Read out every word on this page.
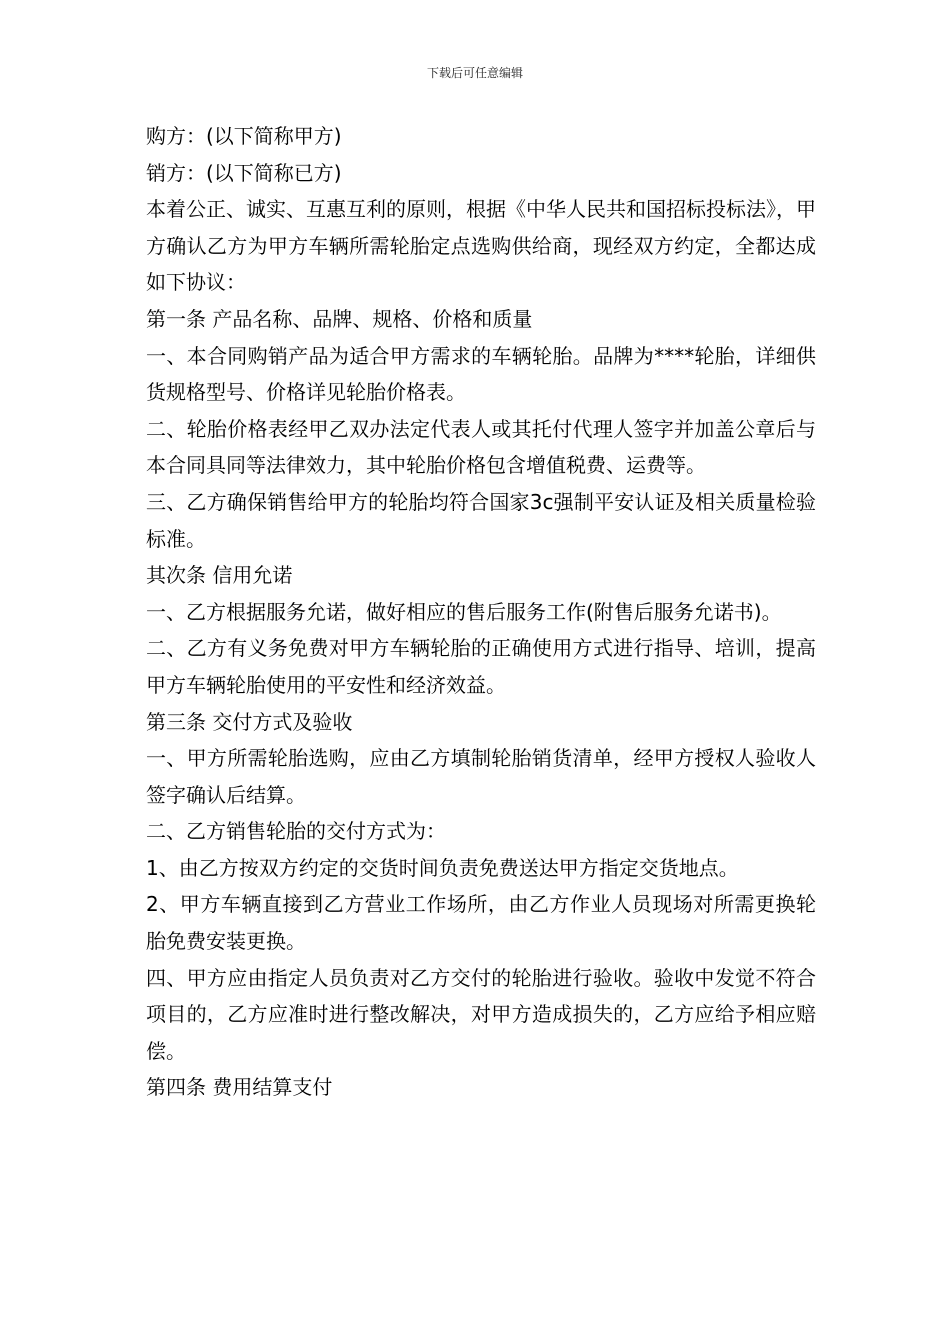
下载后可任意编辑

购方：(以下简称甲方)

销方：(以下简称已方)

本着公正、诚实、互惠互利的原则，根据《中华人民共和国招标投标法》，甲方确认乙方为甲方车辆所需轮胎定点选购供给商，现经双方约定，全都达成如下协议：

第一条 产品名称、品牌、规格、价格和质量

一、本合同购销产品为适合甲方需求的车辆轮胎。品牌为****轮胎，详细供货规格型号、价格详见轮胎价格表。

二、轮胎价格表经甲乙双办法定代表人或其托付代理人签字并加盖公章后与本合同具同等法律效力，其中轮胎价格包含增值税费、运费等。

三、乙方确保销售给甲方的轮胎均符合国家3c强制平安认证及相关质量检验标准。

其次条 信用允诺

一、乙方根据服务允诺，做好相应的售后服务工作(附售后服务允诺书)。

二、乙方有义务免费对甲方车辆轮胎的正确使用方式进行指导、培训，提高甲方车辆轮胎使用的平安性和经济效益。

第三条 交付方式及验收

一、甲方所需轮胎选购，应由乙方填制轮胎销货清单，经甲方授权人验收人签字确认后结算。

二、乙方销售轮胎的交付方式为：

1、由乙方按双方约定的交货时间负责免费送达甲方指定交货地点。

2、甲方车辆直接到乙方营业工作场所，由乙方作业人员现场对所需更换轮胎免费安装更换。

四、甲方应由指定人员负责对乙方交付的轮胎进行验收。验收中发觉不符合项目的，乙方应准时进行整改解决，对甲方造成损失的，乙方应给予相应赔偿。

第四条 费用结算支付
